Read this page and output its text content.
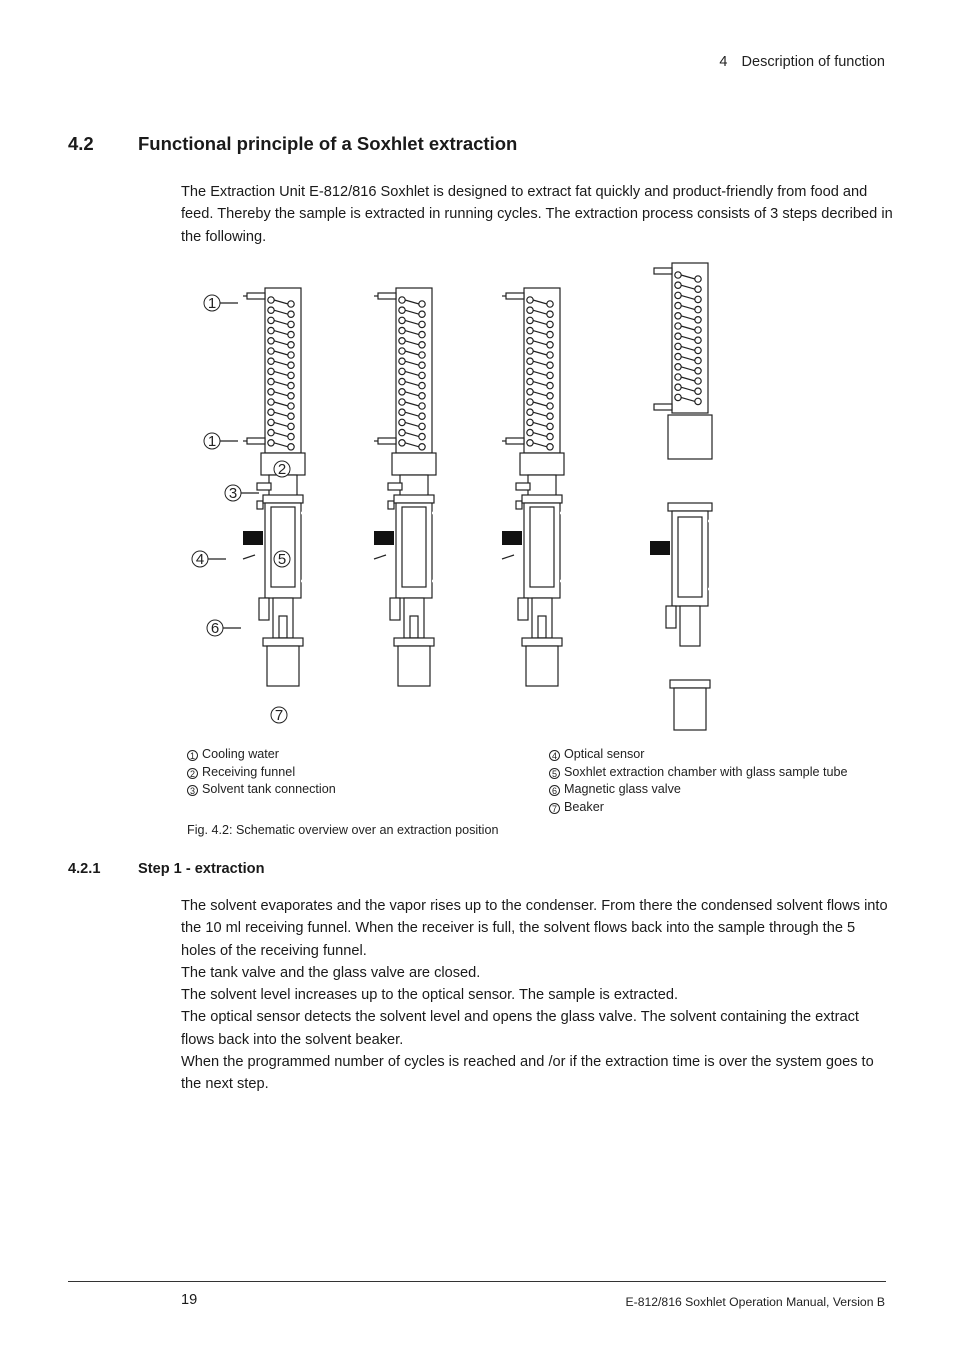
4 Description of function
4.2 Functional principle of a Soxhlet extraction
The Extraction Unit E-812/816 Soxhlet is designed to extract fat quickly and product-friendly from food and feed. Thereby the sample is extracted in running cycles. The extraction process consists of 3 steps decribed in the following.
1
1
2
3
4	5
6
7
1 Cooling water
2 Receiving funnel
3 Solvent tank connection
4 Optical sensor
5 Soxhlet extraction chamber with glass sample tube
6 Magnetic glass valve
7 Beaker
Fig. 4.2: Schematic overview over an extraction position
4.2.1	Step 1 - extraction

The solvent evaporates and the vapor rises up to the condenser. From there the condensed solvent flows into the 10 ml receiving funnel. When the receiver is full, the solvent flows back into the sample through the 5 holes of the receiving funnel.

The tank valve and the glass valve are closed.

The solvent level increases up to the optical sensor. The sample is extracted.

The optical sensor detects the solvent level and opens the glass valve. The solvent containing the extract flows back into the solvent beaker.

When the programmed number of cycles is reached and /or if the extraction time is over the system goes to the next step.

19	E-812/816 Soxhlet Operation Manual, Version B
